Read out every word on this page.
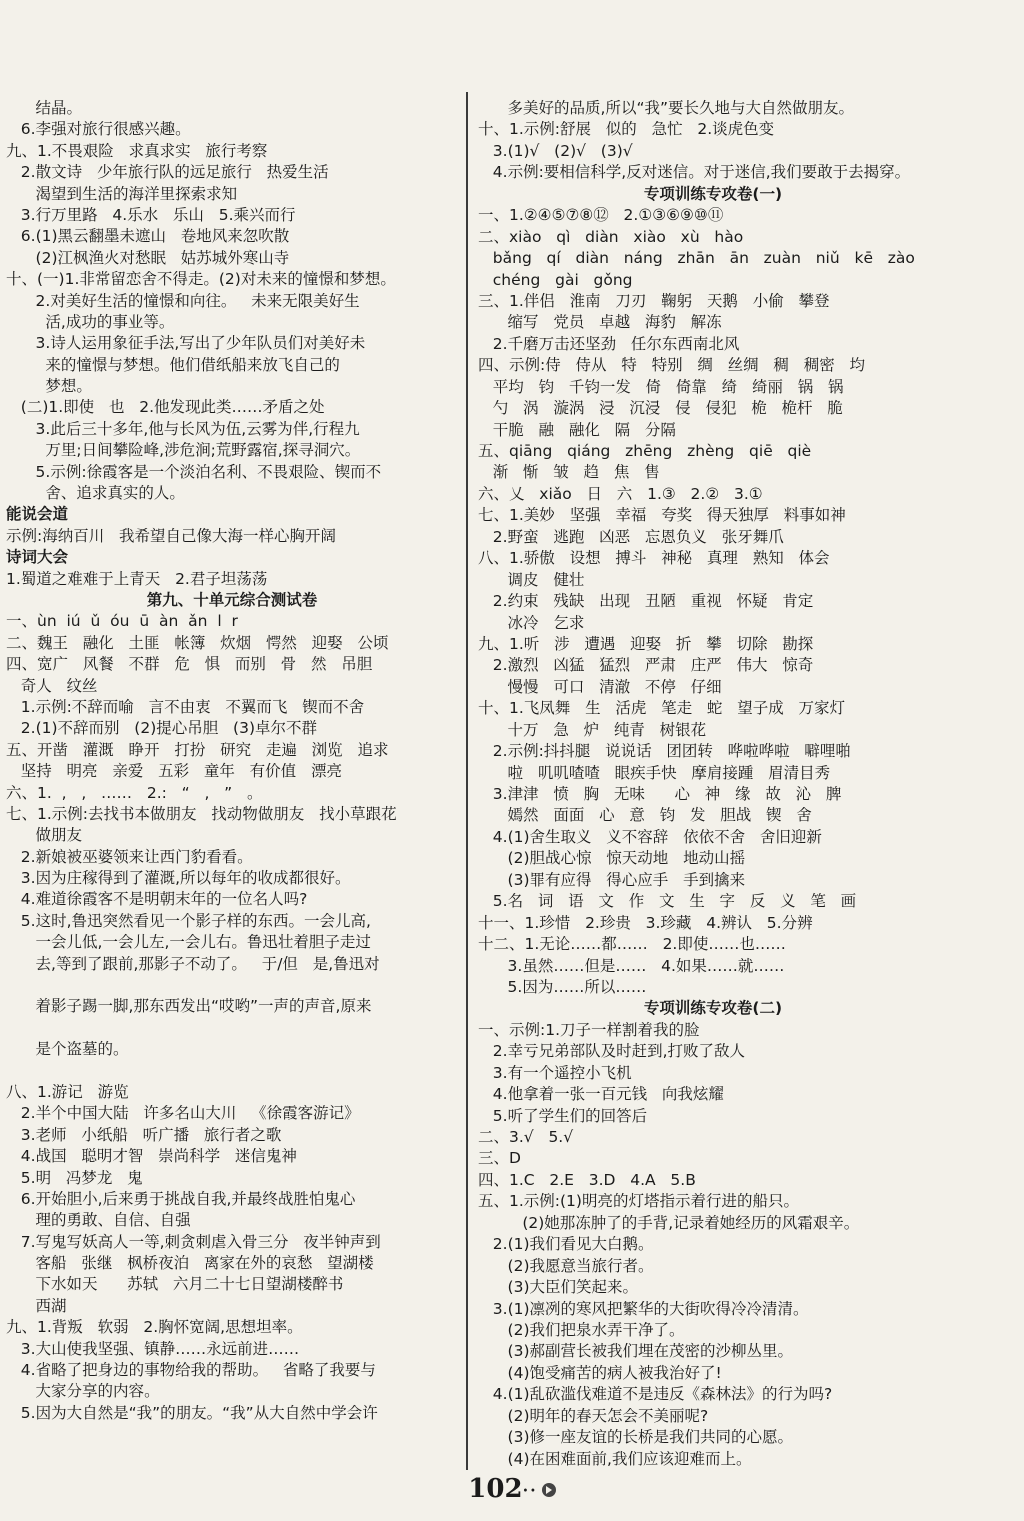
结晶。
6.李强对旅行很感兴趣。
九、1.不畏艰险   求真求实   旅行考察
2.散文诗   少年旅行队的远足旅行   热爱生活
渴望到生活的海洋里探索求知
3.行万里路   4.乐水   乐山   5.乘兴而行
6.(1)黑云翻墨未遮山   卷地风来忽吹散
(2)江枫渔火对愁眠   姑苏城外寒山寺
十、(一)1.非常留恋舍不得走。(2)对未来的憧憬和梦想。
2.对美好生活的憧憬和向往。   未来无限美好生
活,成功的事业等。
3.诗人运用象征手法,写出了少年队员们对美好未
来的憧憬与梦想。他们借纸船来放飞自己的
梦想。
(二)1.即使   也   2.他发现此类……矛盾之处
3.此后三十多年,他与长风为伍,云雾为伴,行程九
万里;日间攀险峰,涉危涧;荒野露宿,探寻洞穴。
5.示例:徐霞客是一个淡泊名利、不畏艰险、锲而不
舍、追求真实的人。
能说会道
示例:海纳百川   我希望自己像大海一样心胸开阔
诗词大会
1.蜀道之难难于上青天   2.君子坦荡荡
第九、十单元综合测试卷
一、ùn  iú  ǔ  óu  ū  àn  ǎn  l  r
二、魏王   融化   土匪   帐簿   炊烟   愕然   迎娶   公顷
四、宽广   风餐   不群   危   惧   而别   骨   然   吊胆
奇人   纹丝
1.示例:不辞而喻   言不由衷   不翼而飞   锲而不舍
2.(1)不辞而别   (2)提心吊胆   (3)卓尔不群
五、开凿   灌溉   睁开   打扮   研究   走遍   浏览   追求
坚持   明亮   亲爱   五彩   童年   有价值   漂亮
六、1.  ,   ,   ……   2.:   “   ,   ”   。
七、1.示例:去找书本做朋友   找动物做朋友   找小草跟花
做朋友
2.新娘被巫婆领来让西门豹看看。
3.因为庄稼得到了灌溉,所以每年的收成都很好。
4.难道徐霞客不是明朝末年的一位名人吗?
5.这时,鲁迅突然看见一个影子样的东西。一会儿高,
一会儿低,一会儿左,一会儿右。鲁迅壮着胆子走过
去,等到了跟前,那影子不动了。   于/但   是,鲁迅对
着影子踢一脚,那东西发出“哎哟”一声的声音,原来
是个盗墓的。
八、1.游记   游览
2.半个中国大陆   许多名山大川   《徐霞客游记》
3.老师   小纸船   听广播   旅行者之歌
4.战国   聪明才智   崇尚科学   迷信鬼神
5.明   冯梦龙   鬼
6.开始胆小,后来勇于挑战自我,并最终战胜怕鬼心
理的勇敢、自信、自强
7.写鬼写妖高人一等,刺贪刺虐入骨三分   夜半钟声到
客船   张继   枫桥夜泊   离家在外的哀愁   望湖楼
下水如天      苏轼   六月二十七日望湖楼醉书
西湖
九、1.背叛   软弱   2.胸怀宽阔,思想坦率。
3.大山使我坚强、镇静……永远前进……
4.省略了把身边的事物给我的帮助。   省略了我要与
大家分享的内容。
5.因为大自然是“我”的朋友。“我”从大自然中学会许
多美好的品质,所以“我”要长久地与大自然做朋友。
十、1.示例:舒展   似的   急忙   2.谈虎色变
3.(1)√   (2)√   (3)√
4.示例:要相信科学,反对迷信。对于迷信,我们要敢于去揭穿。
专项训练专攻卷(一)
一、1.②④⑤⑦⑧⑫   2.①③⑥⑨⑩⑪
二、xiào   qì   diàn   xiào   xù   hào
bǎng   qí   diàn   náng   zhān   ān   zuàn   niǔ   kē   zào
chéng   gài   gǒng
三、1.伴侣   淮南   刀刃   鞠躬   天鹅   小偷   攀登
缩写   党员   卓越   海豹   解冻
2.千磨万击还坚劲   任尔东西南北风
四、示例:侍   侍从   特   特别   绸   丝绸   稠   稠密   均
平均   钧   千钧一发   倚   倚靠   绮   绮丽   锅   锅
勺   涡   漩涡   浸   沉浸   侵   侵犯   桅   桅杆   脆
干脆   融   融化   隔   分隔
五、qiāng   qiáng   zhēng   zhèng   qiē   qiè
渐   惭   皱   趋   焦   售
六、乂   xiǎo   日   六   1.③   2.②   3.①
七、1.美妙   坚强   幸福   夸奖   得天独厚   料事如神
2.野蛮   逃跑   凶恶   忘恩负义   张牙舞爪
八、1.骄傲   设想   搏斗   神秘   真理   熟知   体会
调皮   健壮
2.约束   残缺   出现   丑陋   重视   怀疑   肯定
冰冷   乞求
九、1.听   涉   遭遇   迎娶   折   攀   切除   勘探
2.激烈   凶猛   猛烈   严肃   庄严   伟大   惊奇
慢慢   可口   清澈   不停   仔细
十、1.飞凤舞   生   活虎   笔走   蛇   望子成   万家灯
十万   急   炉   纯青   树银花
2.示例:抖抖腿   说说话   团团转   哗啦哗啦   噼哩啪
啦   叽叽喳喳   眼疾手快   摩肩接踵   眉清目秀
3.津津   愤   胸   无味      心   神   缘   故   沁   脾
嫣然   面面   心   意   钧   发   胆战   锲   舍
4.(1)舍生取义   义不容辞   依依不舍   舍旧迎新
(2)胆战心惊   惊天动地   地动山摇
(3)罪有应得   得心应手   手到擒来
5.名   词   语   文   作   文   生   字   反   义   笔   画
十一、1.珍惜   2.珍贵   3.珍藏   4.辨认   5.分辨
十二、1.无论……都……   2.即使……也……
3.虽然……但是……   4.如果……就……
5.因为……所以……
专项训练专攻卷(二)
一、示例:1.刀子一样割着我的脸
2.幸亏兄弟部队及时赶到,打败了敌人
3.有一个遥控小飞机
4.他拿着一张一百元钱   向我炫耀
5.听了学生们的回答后
二、3.√   5.√
三、D
四、1.C   2.E   3.D   4.A   5.B
五、1.示例:(1)明亮的灯塔指示着行进的船只。
(2)她那冻肿了的手背,记录着她经历的风霜艰辛。
2.(1)我们看见大白鹅。
(2)我愿意当旅行者。
(3)大臣们笑起来。
3.(1)凛冽的寒风把繁华的大街吹得冷冷清清。
(2)我们把泉水弄干净了。
(3)郝副营长被我们埋在茂密的沙柳丛里。
(4)饱受痛苦的病人被我治好了!
4.(1)乱砍滥伐难道不是违反《森林法》的行为吗?
(2)明年的春天怎会不美丽呢?
(3)修一座友谊的长桥是我们共同的心愿。
(4)在困难面前,我们应该迎难而上。
102··
